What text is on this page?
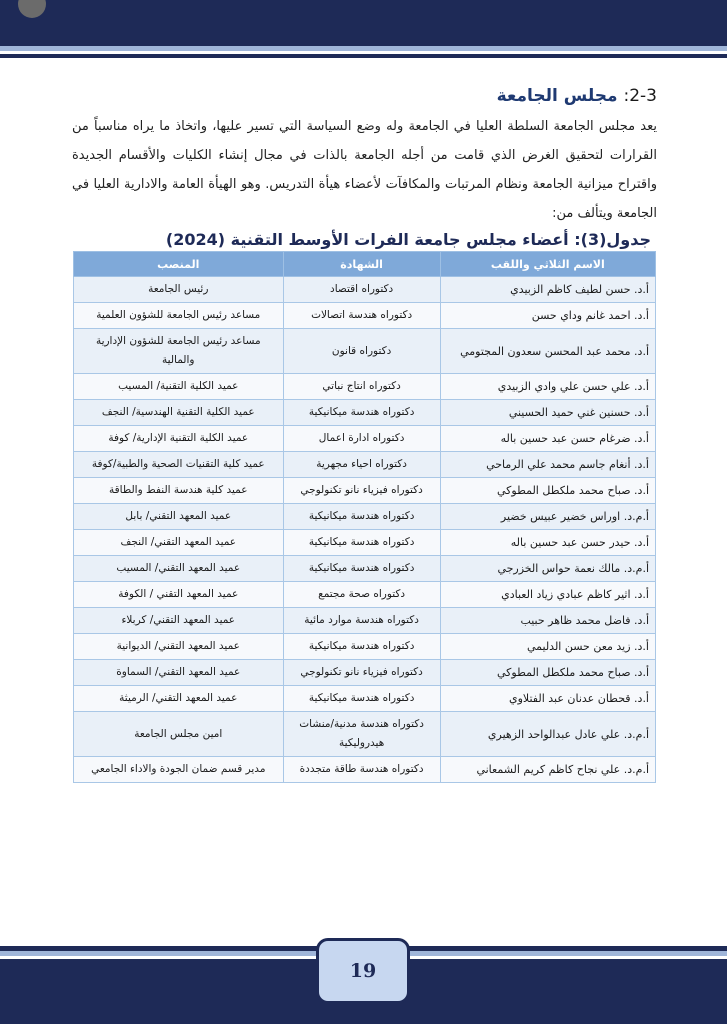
2-3: مجلس الجامعة

يعد مجلس الجامعة السلطة العليا في الجامعة وله وضع السياسة التي تسير عليها، واتخاذ ما يراه مناسباً من القرارات لتحقيق الغرض الذي قامت من أجله الجامعة بالذات في مجال إنشاء الكليات والأقسام الجديدة واقتراح ميزانية الجامعة ونظام المرتبات والمكافآت لأعضاء هيأة التدريس. وهو الهيأة العامة والادارية العليا في الجامعة ويتألف من:

جدول(3): أعضاء مجلس جامعة الفرات الأوسط التقنية (2024)
الاسم الثلاثي واللقب	الشهادة	المنصب
أ.د. حسن لطيف كاظم الزبيدي	دكتوراه اقتصاد	رئيس الجامعة
أ.د. احمد غانم وداي حسن	دكتوراه هندسة اتصالات	مساعد رئيس الجامعة للشؤون العلمية
أ.د. محمد عبد المحسن سعدون المجتومي	دكتوراه قانون	مساعد رئيس الجامعة للشؤون الإدارية والمالية
أ.د. علي حسن علي وادي الزبيدي	دكتوراه انتاج نباتي	عميد الكلية التقنية/ المسيب
أ.د. حسنين غني حميد الحسيني	دكتوراه هندسة ميكانيكية	عميد الكلية التقنية الهندسية/ النجف
أ.د. ضرغام حسن عبد حسين باله	دكتوراه ادارة اعمال	عميد الكلية التقنية الإدارية/ كوفة
أ.د. أنغام جاسم محمد علي الرماحي	دكتوراه احياء مجهرية	عميد كلية التقنيات الصحية والطبية/كوفة
أ.د. صباح محمد ملكطل المطوكي	دكتوراه فيزياء نانو تكنولوجي	عميد كلية هندسة النفط والطاقة
أ.م.د. اوراس خضير عبيس خضير	دكتوراه هندسة ميكانيكية	عميد المعهد التقني/ بابل
أ.د. حيدر حسن عبد حسين باله	دكتوراه هندسة ميكانيكية	عميد المعهد التقني/ النجف
أ.م.د. مالك نعمة حواس الخزرجي	دكتوراه هندسة ميكانيكية	عميد المعهد التقني/ المسيب
أ.د. اثير كاظم عبادي زياد العبادي	دكتوراه صحة مجتمع	عميد المعهد التقني / الكوفة
أ.د. فاضل محمد ظاهر حبيب	دكتوراه هندسة موارد مائية	عميد المعهد التقني/ كربلاء
أ.د. زيد معن حسن الدليمي	دكتوراه هندسة ميكانيكية	عميد المعهد التقني/ الديوانية
أ.د. صباح محمد ملكطل المطوكي	دكتوراه فيزياء نانو تكنولوجي	عميد المعهد التقني/ السماوة
أ.د. قحطان عدنان عبد الفتلاوي	دكتوراه هندسة ميكانيكية	عميد المعهد التقني/ الرميثة
أ.م.د. علي عادل عبدالواحد الزهيري	دكتوراه هندسة مدنية/منشات هيدروليكية	امين مجلس الجامعة
أ.م.د. علي نجاح كاظم كريم الشمعاني	دكتوراه هندسة طاقة متجددة	مدير قسم ضمان الجودة والاداء الجامعي
19
